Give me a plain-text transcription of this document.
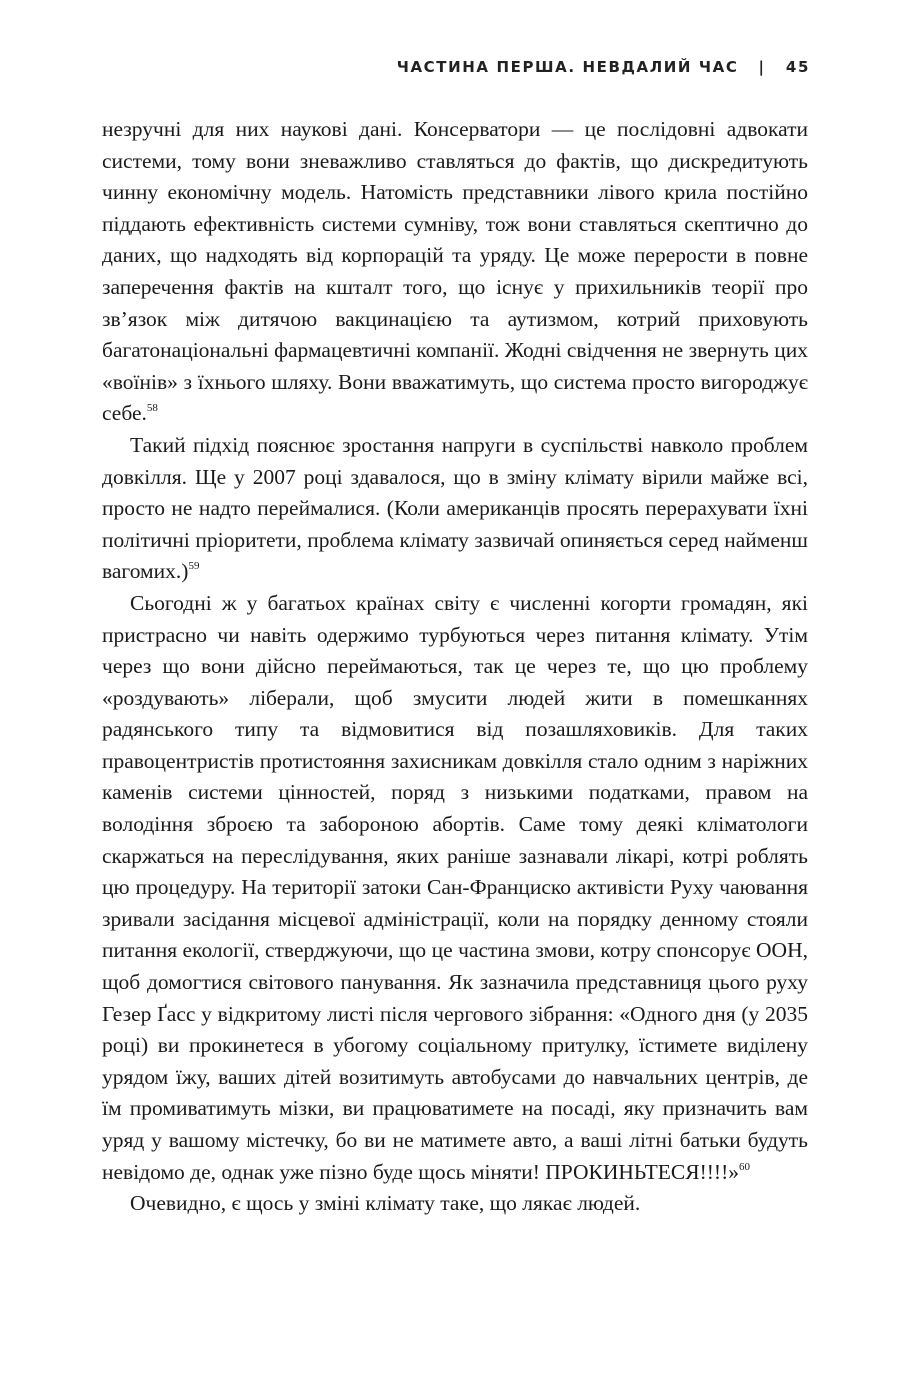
ЧАСТИНА ПЕРША. НЕВДАЛИЙ ЧАС | 45

незручні для них наукові дані. Консерватори — це послідовні адвокати системи, тому вони зневажливо ставляться до фактів, що дискредитують чинну економічну модель. Натомість представники лівого крила постійно піддають ефективність системи сумніву, тож вони ставляться скептично до даних, що надходять від корпорацій та уряду. Це може перерости в повне заперечення фактів на кшталт того, що існує у прихильників теорії про зв’язок між дитячою вакцинацією та аутизмом, котрий приховують багатонаціональні фармацевтичні компанії. Жодні свідчення не звернуть цих «воїнів» з їхнього шляху. Вони вважатимуть, що система просто вигороджує себе.$^{58}$

Такий підхід пояснює зростання напруги в суспільстві навколо проблем довкілля. Ще у 2007 році здавалося, що в зміну клімату вірили майже всі, просто не надто переймалися. (Коли американців просять перерахувати їхні політичні пріоритети, проблема клімату зазвичай опиняється серед найменш вагомих.)$^{59}$

Сьогодні ж у багатьох країнах світу є численні когорти громадян, які пристрасно чи навіть одержимо турбуються через питання клімату. Утім через що вони дійсно переймаються, так це через те, що цю проблему «роздувають» ліберали, щоб змусити людей жити в помешканнях радянського типу та відмовитися від позашляховиків. Для таких правоцентристів протистояння захисникам довкілля стало одним з наріжних каменів системи цінностей, поряд з низькими податками, правом на володіння зброєю та забороною абортів. Саме тому деякі кліматологи скаржаться на переслідування, яких раніше зазнавали лікарі, котрі роблять цю процедуру. На території затоки Сан-Франциско активісти Руху чаювання зривали засідання місцевої адміністрації, коли на порядку денному стояли питання екології, стверджуючи, що це частина змови, котру спонсорує ООН, щоб домогтися світового панування. Як зазначила представниця цього руху Гезер Ґасс у відкритому листі після чергового зібрання: «Одного дня (у 2035 році) ви прокинетеся в убогому соціальному притулку, їстимете виділену урядом їжу, ваших дітей возитимуть автобусами до навчальних центрів, де їм промиватимуть мізки, ви працюватимете на посаді, яку призначить вам уряд у вашому містечку, бо ви не матимете авто, а ваші літні батьки будуть невідомо де, однак уже пізно буде щось міняти! ПРОКИНЬТЕСЯ!!!!»$^{60}$

Очевидно, є щось у зміні клімату таке, що лякає людей.
